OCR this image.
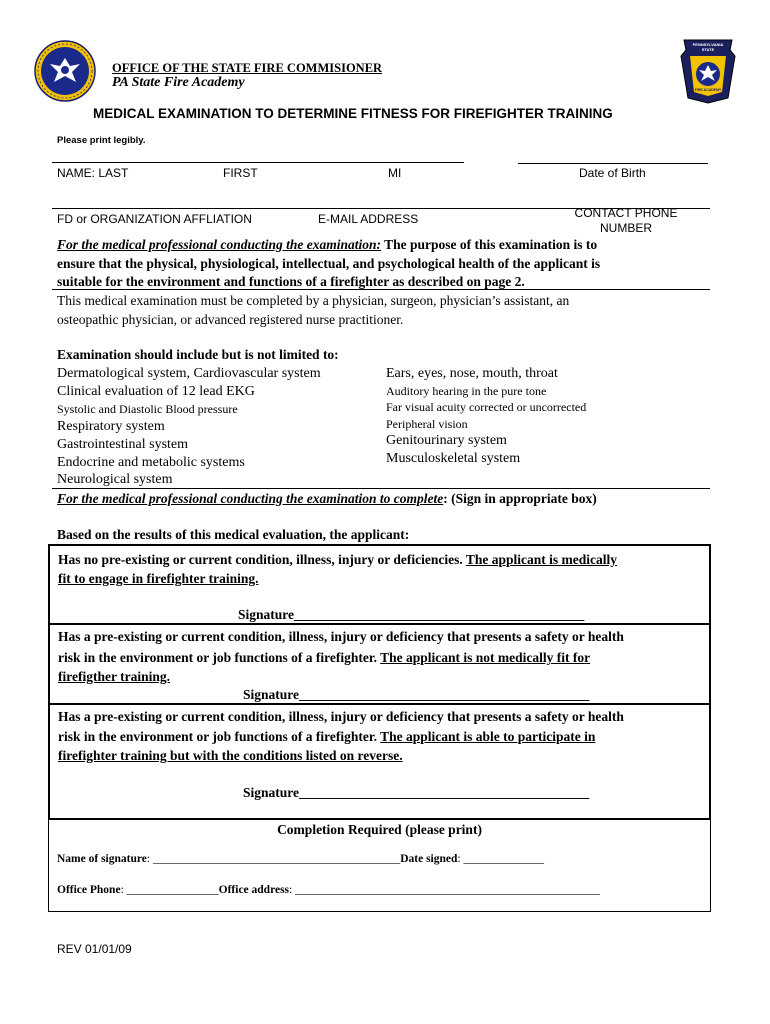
OFFICE OF THE STATE FIRE COMMISIONER
PA State Fire Academy
PENNSYLVANIA STATE
FIRE ACADEMY
MEDICAL EXAMINATION TO DETERMINE FITNESS FOR FIREFIGHTER TRAINING
Please print legibly.
NAME: LAST	FIRST	MI	Date of Birth
FD or ORGANIZATION AFFLIATION	E-MAIL ADDRESS	CONTACT PHONE
NUMBER
For the medical professional conducting the examination: The purpose of this examination is to
ensure that the physical, physiological, intellectual, and psychological health of the applicant is
suitable for the environment and functions of a firefighter as described on page 2.
This medical examination must be completed by a physician, surgeon, physician’s assistant, an
osteopathic physician, or advanced registered nurse practitioner.
Examination should include but is not limited to:
Dermatological system, Cardiovascular system
Clinical evaluation of 12 lead EKG
Systolic and Diastolic Blood pressure
Respiratory system
Gastrointestinal system
Endocrine and metabolic systems
Neurological system
Ears, eyes, nose, mouth, throat
Auditory hearing in the pure tone
Far visual acuity corrected or uncorrected
Peripheral vision
Genitourinary system
Musculoskeletal system
For the medical professional conducting the examination to complete: (Sign in appropriate box)
Based on the results of this medical evaluation, the applicant:
Has no pre-existing or current condition, illness, injury or deficiencies. The applicant is medically
fit to engage in firefighter training.
Signature___________________________________________
Has a pre-existing or current condition, illness, injury or deficiency that presents a safety or health
risk in the environment or job functions of a firefighter. The applicant is not medically fit for
firefigther training.
Signature___________________________________________
Has a pre-existing or current condition, illness, injury or deficiency that presents a safety or health
risk in the environment or job functions of a firefighter. The applicant is able to participate in
firefighter training but with the conditions listed on reverse.
Signature___________________________________________
Completion Required (please print)
Name of signature: ___________________________________________Date signed: ______________
Office Phone: ________________Office address: _____________________________________________________
REV 01/01/09
